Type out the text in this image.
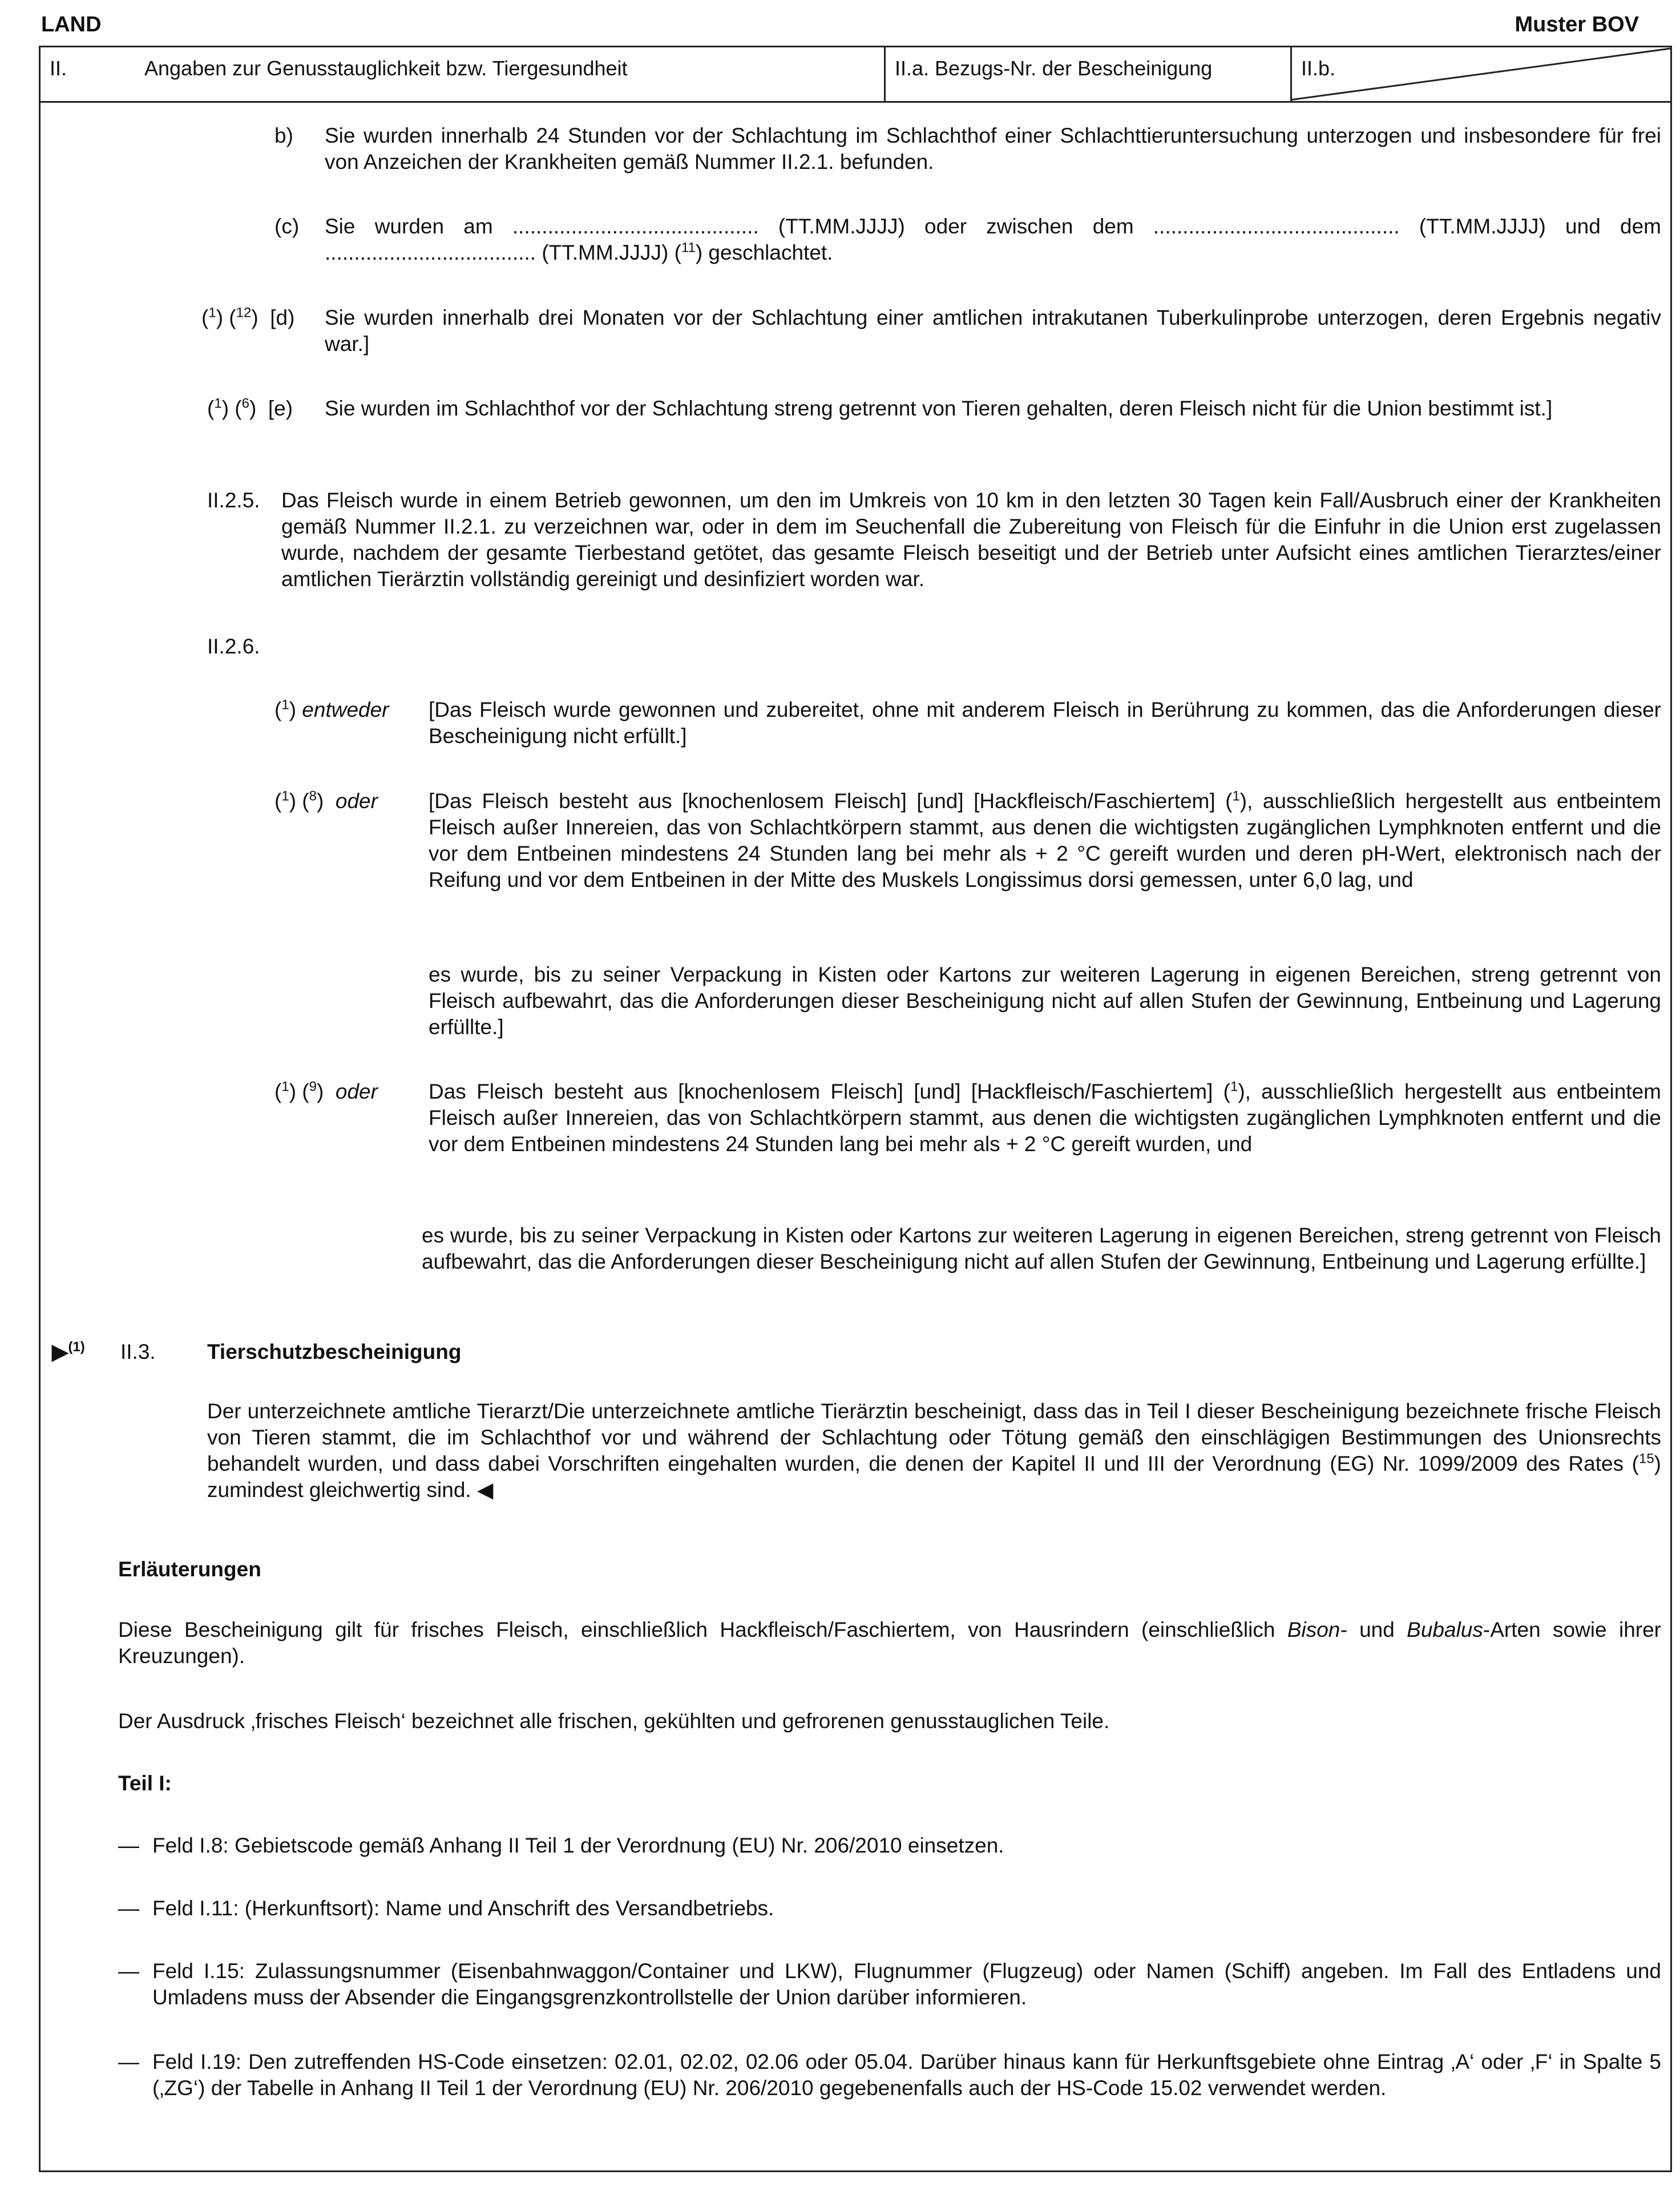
LAND	Muster BOV
II.	Angaben zur Genusstauglichkeit bzw. Tiergesundheit	II.a. Bezugs-Nr. der Bescheinigung	II.b.
b) Sie wurden innerhalb 24 Stunden vor der Schlachtung im Schlachthof einer Schlachttieruntersuchung unterzogen und insbesondere für frei von Anzeichen der Krankheiten gemäß Nummer II.2.1. befunden.
(c) Sie wurden am .......................................... (TT.MM.JJJJ) oder zwischen dem .......................................... (TT.MM.JJJJ) und dem .................................... (TT.MM.JJJJ) ($^{11}$) geschlachtet.
($^1$) ($^{12}$)  [d) Sie wurden innerhalb drei Monaten vor der Schlachtung einer amtlichen intrakutanen Tuberkulinprobe unterzogen, deren Ergebnis negativ war.]
($^1$) ($^6$)  [e) Sie wurden im Schlachthof vor der Schlachtung streng getrennt von Tieren gehalten, deren Fleisch nicht für die Union bestimmt ist.]
II.2.5. Das Fleisch wurde in einem Betrieb gewonnen, um den im Umkreis von 10 km in den letzten 30 Tagen kein Fall/Ausbruch einer der Krankheiten gemäß Nummer II.2.1. zu verzeichnen war, oder in dem im Seuchenfall die Zubereitung von Fleisch für die Einfuhr in die Union erst zugelassen wurde, nachdem der gesamte Tierbestand getötet, das gesamte Fleisch beseitigt und der Betrieb unter Aufsicht eines amtlichen Tierarztes/einer amtlichen Tierärztin vollständig gereinigt und desinfiziert worden war.
II.2.6.
($^1$) entweder [Das Fleisch wurde gewonnen und zubereitet, ohne mit anderem Fleisch in Berührung zu kommen, das die Anforderungen dieser Bescheinigung nicht erfüllt.]
($^1$) ($^8$)  oder [Das Fleisch besteht aus [knochenlosem Fleisch] [und] [Hackfleisch/Faschiertem] ($^1$), ausschließlich hergestellt aus entbeintem Fleisch außer Innereien, das von Schlachtkörpern stammt, aus denen die wichtigsten zugänglichen Lymphknoten entfernt und die vor dem Entbeinen mindestens 24 Stunden lang bei mehr als + 2 °C gereift wurden und deren pH-Wert, elektronisch nach der Reifung und vor dem Entbeinen in der Mitte des Muskels Longissimus dorsi gemessen, unter 6,0 lag, und
es wurde, bis zu seiner Verpackung in Kisten oder Kartons zur weiteren Lagerung in eigenen Bereichen, streng getrennt von Fleisch aufbewahrt, das die Anforderungen dieser Bescheinigung nicht auf allen Stufen der Gewinnung, Entbeinung und Lagerung erfüllte.]
($^1$) ($^9$)  oder Das Fleisch besteht aus [knochenlosem Fleisch] [und] [Hackfleisch/Faschiertem] ($^1$), ausschließlich hergestellt aus entbeintem Fleisch außer Innereien, das von Schlachtkörpern stammt, aus denen die wichtigsten zugänglichen Lymphknoten entfernt und die vor dem Entbeinen mindestens 24 Stunden lang bei mehr als + 2 °C gereift wurden, und
es wurde, bis zu seiner Verpackung in Kisten oder Kartons zur weiteren Lagerung in eigenen Bereichen, streng getrennt von Fleisch aufbewahrt, das die Anforderungen dieser Bescheinigung nicht auf allen Stufen der Gewinnung, Entbeinung und Lagerung erfüllte.]
▶$^{(1)}$ II.3. Tierschutzbescheinigung
Der unterzeichnete amtliche Tierarzt/Die unterzeichnete amtliche Tierärztin bescheinigt, dass das in Teil I dieser Bescheinigung bezeichnete frische Fleisch von Tieren stammt, die im Schlachthof vor und während der Schlachtung oder Tötung gemäß den einschlägigen Bestimmungen des Unionsrechts behandelt wurden, und dass dabei Vorschriften eingehalten wurden, die denen der Kapitel II und III der Verordnung (EG) Nr. 1099/2009 des Rates ($^{15}$) zumindest gleichwertig sind. ◀
Erläuterungen
Diese Bescheinigung gilt für frisches Fleisch, einschließlich Hackfleisch/Faschiertem, von Hausrindern (einschließlich Bison- und Bubalus-Arten sowie ihrer Kreuzungen).
Der Ausdruck ‚frisches Fleisch‘ bezeichnet alle frischen, gekühlten und gefrorenen genusstauglichen Teile.
Teil I:
— Feld I.8: Gebietscode gemäß Anhang II Teil 1 der Verordnung (EU) Nr. 206/2010 einsetzen.
— Feld I.11: (Herkunftsort): Name und Anschrift des Versandbetriebs.
— Feld I.15: Zulassungsnummer (Eisenbahnwaggon/Container und LKW), Flugnummer (Flugzeug) oder Namen (Schiff) angeben. Im Fall des Entladens und Umladens muss der Absender die Eingangsgrenzkontrollstelle der Union darüber informieren.
— Feld I.19: Den zutreffenden HS-Code einsetzen: 02.01, 02.02, 02.06 oder 05.04. Darüber hinaus kann für Herkunftsgebiete ohne Eintrag ‚A‘ oder ‚F‘ in Spalte 5 (‚ZG‘) der Tabelle in Anhang II Teil 1 der Verordnung (EU) Nr. 206/2010 gegebenenfalls auch der HS-Code 15.02 verwendet werden.
